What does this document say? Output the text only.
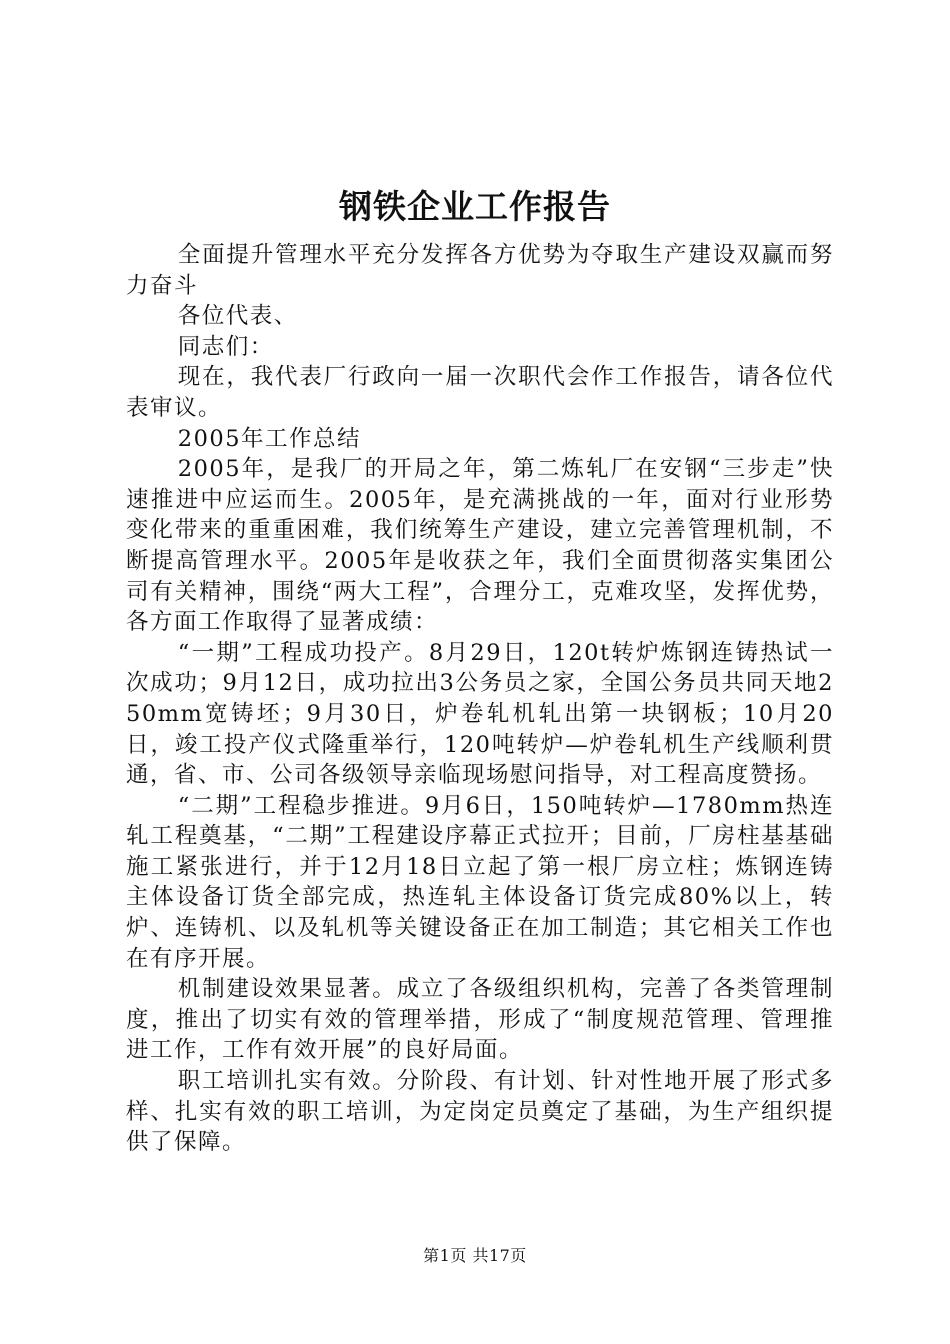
钢铁企业工作报告

全面提升管理水平充分发挥各方优势为夺取生产建设双赢而努力奋斗

各位代表、

同志们：

现在，我代表厂行政向一届一次职代会作工作报告，请各位代表审议。

2005年工作总结

2005年，是我厂的开局之年，第二炼轧厂在安钢“三步走”快速推进中应运而生。2005年，是充满挑战的一年，面对行业形势变化带来的重重困难，我们统筹生产建设，建立完善管理机制，不断提高管理水平。2005年是收获之年，我们全面贯彻落实集团公司有关精神，围绕“两大工程”，合理分工，克难攻坚，发挥优势，各方面工作取得了显著成绩：

“一期”工程成功投产。8月29日，120t转炉炼钢连铸热试一次成功；9月12日，成功拉出3公务员之家，全国公务员共同天地250mm宽铸坯；9月30日，炉卷轧机轧出第一块钢板；10月20日，竣工投产仪式隆重举行，120吨转炉—炉卷轧机生产线顺利贯通，省、市、公司各级领导亲临现场慰问指导，对工程高度赞扬。

“二期”工程稳步推进。9月6日，150吨转炉—1780mm热连轧工程奠基，“二期”工程建设序幕正式拉开；目前，厂房柱基基础施工紧张进行，并于12月18日立起了第一根厂房立柱；炼钢连铸主体设备订货全部完成，热连轧主体设备订货完成80%以上，转炉、连铸机、以及轧机等关键设备正在加工制造；其它相关工作也在有序开展。

机制建设效果显著。成立了各级组织机构，完善了各类管理制度，推出了切实有效的管理举措，形成了“制度规范管理、管理推进工作，工作有效开展”的良好局面。

职工培训扎实有效。分阶段、有计划、针对性地开展了形式多样、扎实有效的职工培训，为定岗定员奠定了基础，为生产组织提供了保障。

第1页 共17页
